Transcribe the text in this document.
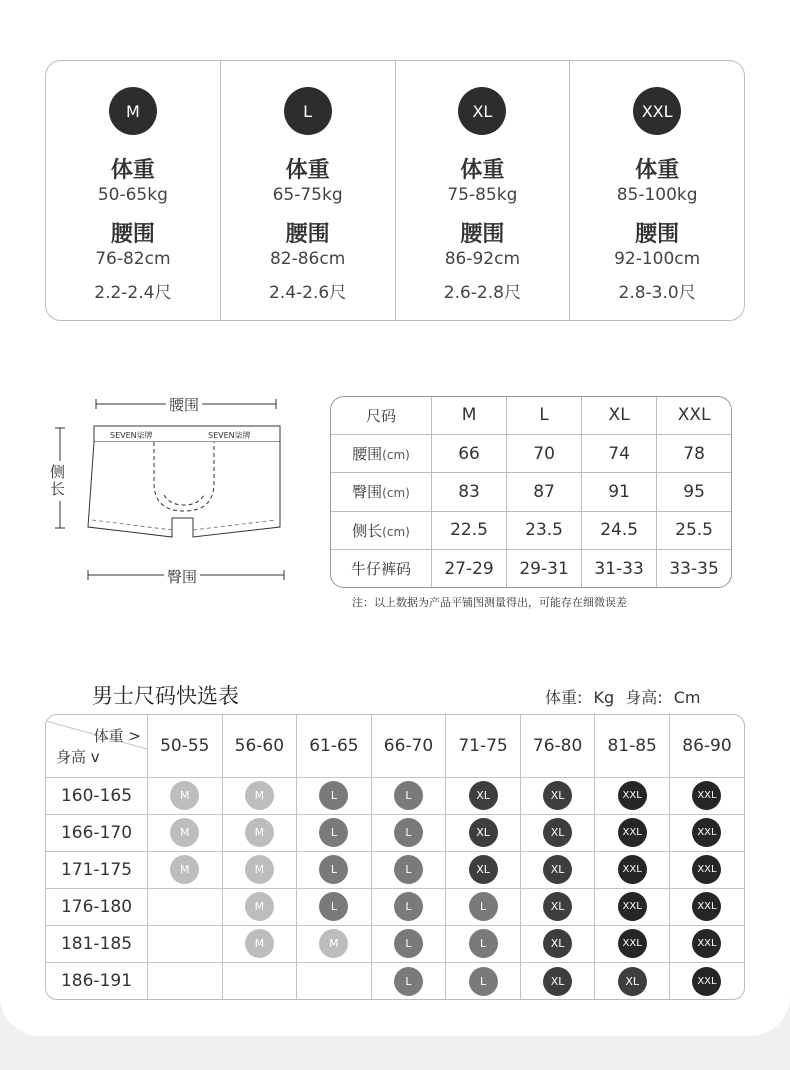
M
体重
50-65kg
腰围
76-82cm
2.2-2.4尺
L
体重
65-75kg
腰围
82-86cm
2.4-2.6尺
XL
体重
75-85kg
腰围
86-92cm
2.6-2.8尺
XXL
体重
85-100kg
腰围
92-100cm
2.8-3.0尺
SEVEN柒牌	SEVEN柒牌
腰围
侧长
臀围
尺码	M	L	XL	XXL
腰围(cm)	66	70	74	78
臀围(cm)	83	87	91	95
侧长(cm)	22.5	23.5	24.5	25.5
牛仔裤码	27-29	29-31	31-33	33-35
注：以上数据为产品平铺图测量得出，可能存在细微误差
男士尺码快选表	体重: Kg 身高: Cm
体重 >
身高 v	50-55	56-60	61-65	66-70	71-75	76-80	81-85	86-90
160-165	M	M	L	L	XL	XL	XXL	XXL
166-170	M	M	L	L	XL	XL	XXL	XXL
171-175	M	M	L	L	XL	XL	XXL	XXL
176-180		M	L	L	L	XL	XXL	XXL
181-185		M	M	L	L	XL	XXL	XXL
186-191				L	L	XL	XL	XXL
